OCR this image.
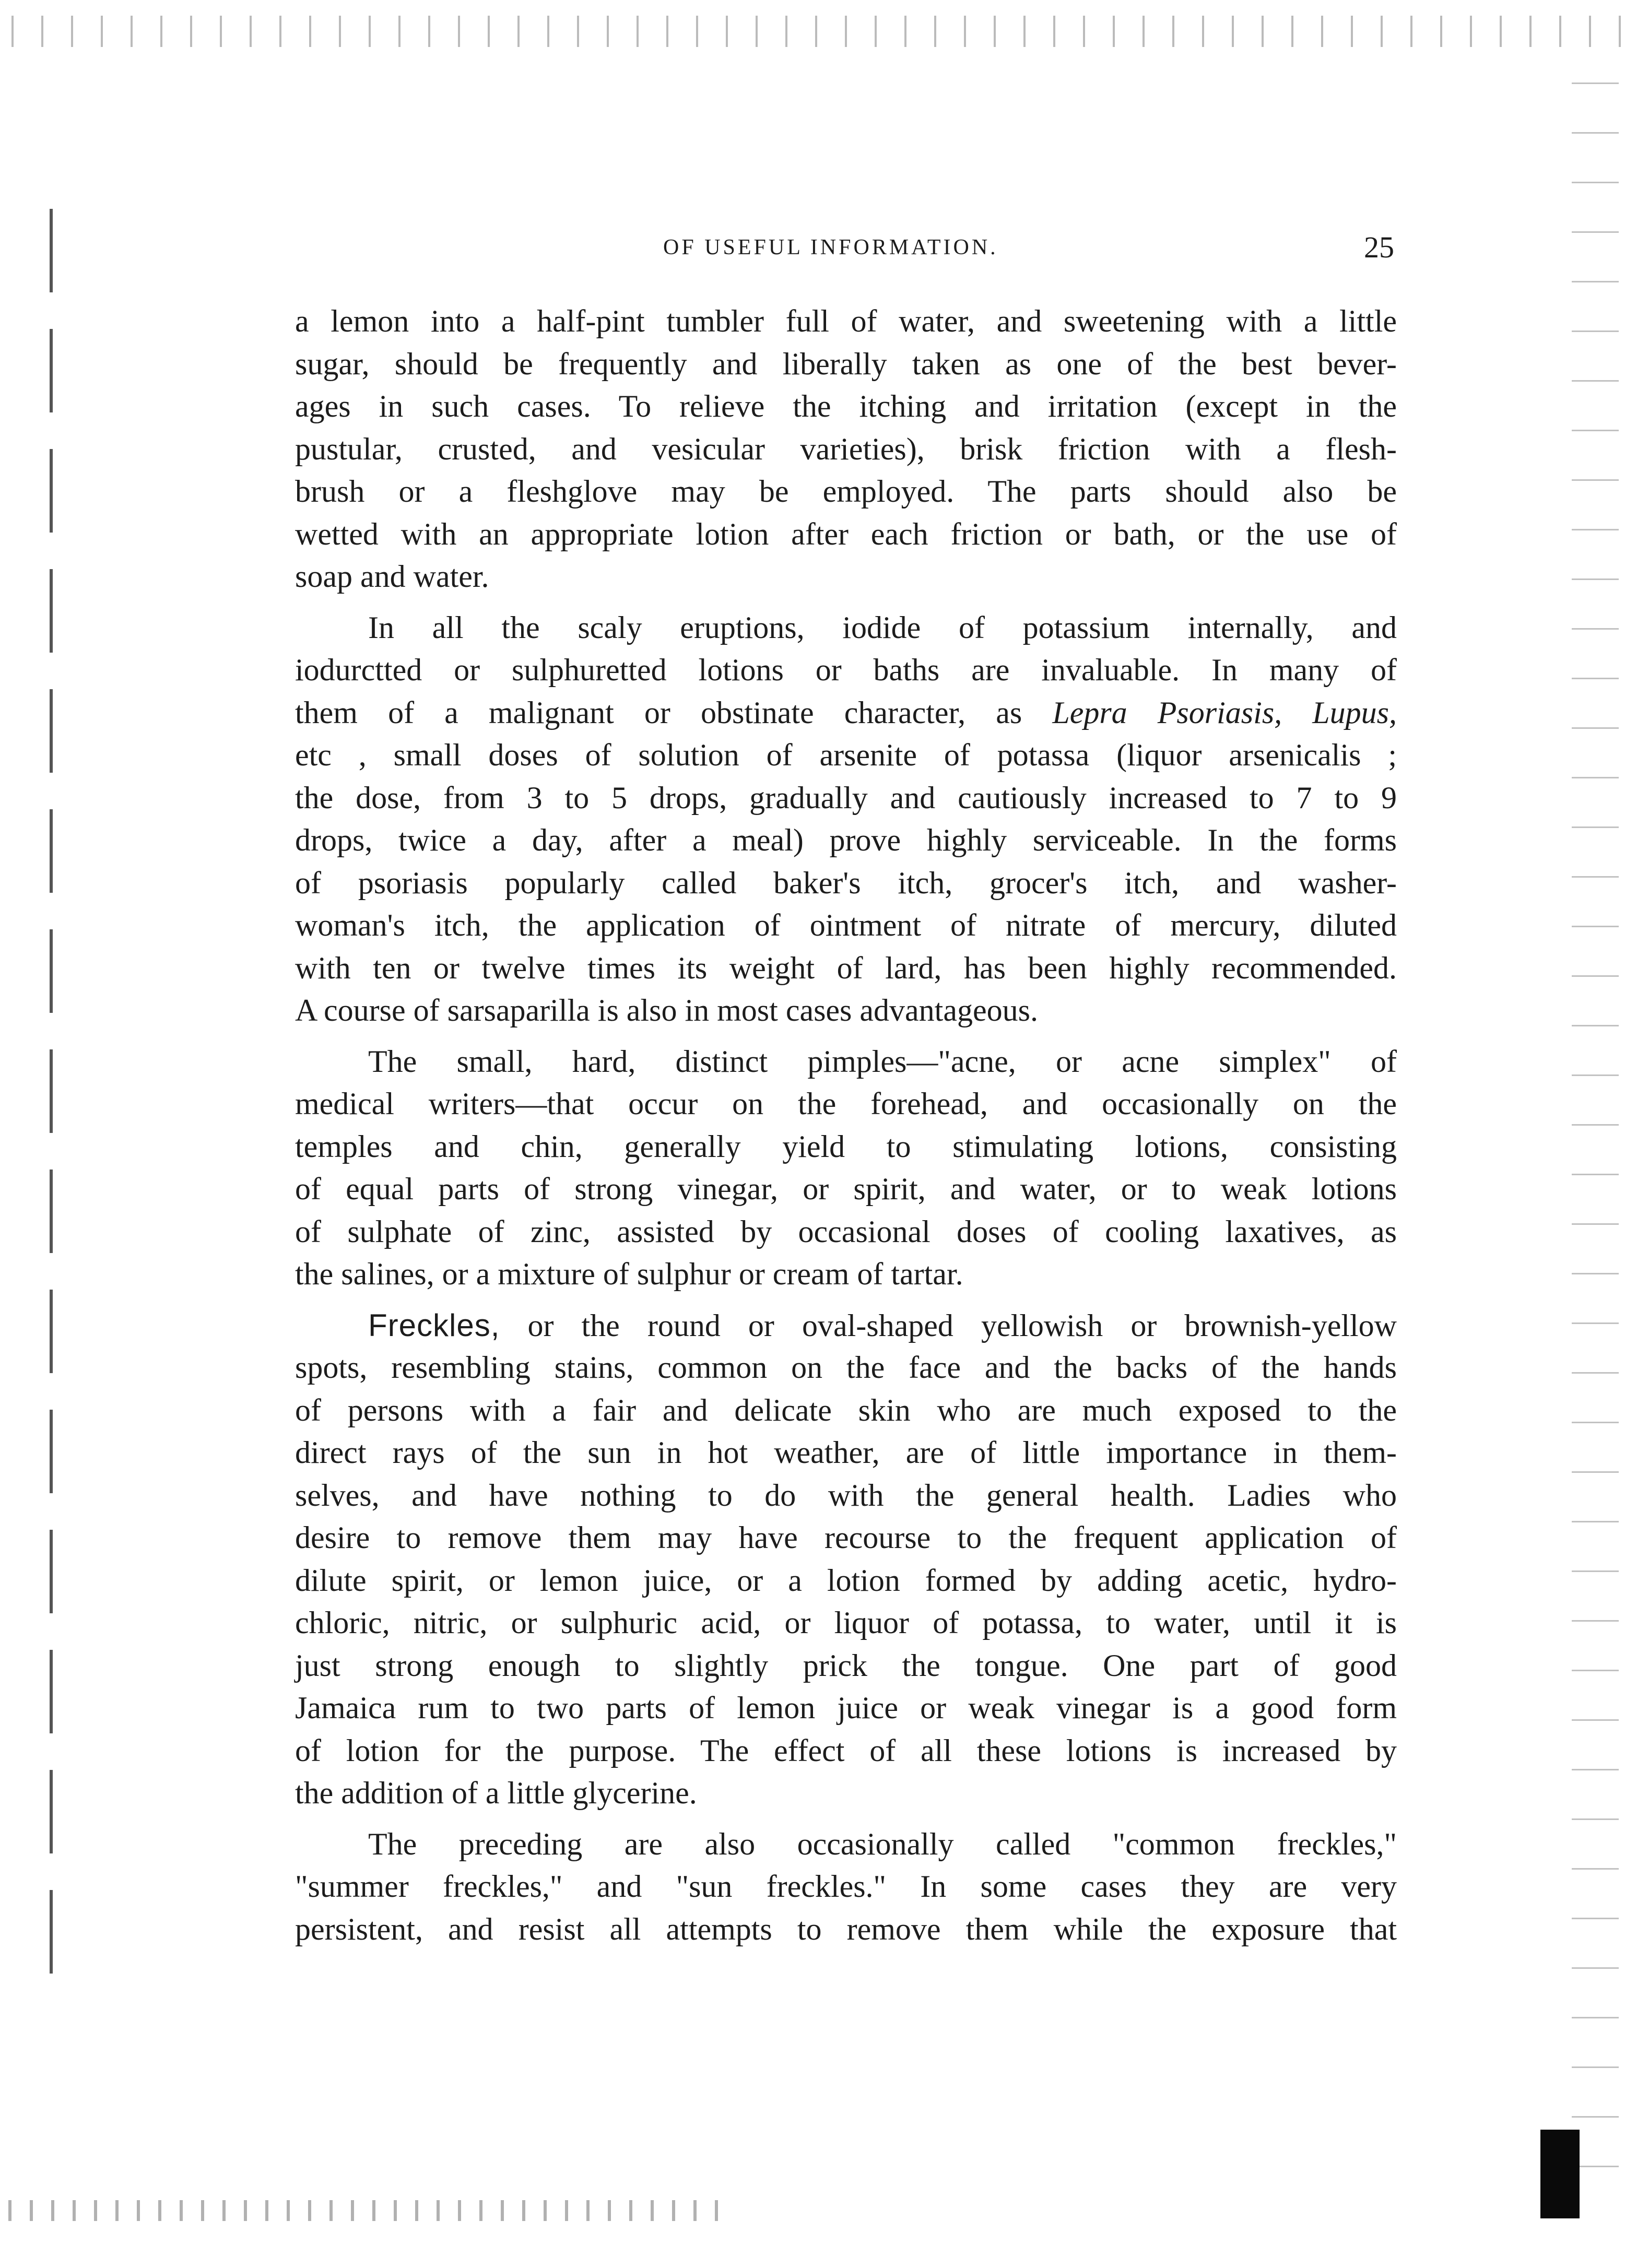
OF USEFUL INFORMATION.	25
a lemon into a half-pint tumbler full of water, and sweetening with a little
sugar, should be frequently and liberally taken as one of the best bever-
ages in such cases. To relieve the itching and irritation (except in the
pustular, crusted, and vesicular varieties), brisk friction with a flesh-
brush or a fleshglove may be employed. The parts should also be
wetted with an appropriate lotion after each friction or bath, or the use of
soap and water.
In all the scaly eruptions, iodide of potassium internally, and
iodurctted or sulphuretted lotions or baths are invaluable. In many of
them of a malignant or obstinate character, as Lepra Psoriasis, Lupus,
etc , small doses of solution of arsenite of potassa (liquor arsenicalis ;
the dose, from 3 to 5 drops, gradually and cautiously increased to 7 to 9
drops, twice a day, after a meal) prove highly serviceable. In the forms
of psoriasis popularly called baker's itch, grocer's itch, and washer-
woman's itch, the application of ointment of nitrate of mercury, diluted
with ten or twelve times its weight of lard, has been highly recommended.
A course of sarsaparilla is also in most cases advantageous.
The small, hard, distinct pimples—"acne, or acne simplex" of
medical writers—that occur on the forehead, and occasionally on the
temples and chin, generally yield to stimulating lotions, consisting
of equal parts of strong vinegar, or spirit, and water, or to weak lotions
of sulphate of zinc, assisted by occasional doses of cooling laxatives, as
the salines, or a mixture of sulphur or cream of tartar.
Freckles, or the round or oval-shaped yellowish or brownish-yellow
spots, resembling stains, common on the face and the backs of the hands
of persons with a fair and delicate skin who are much exposed to the
direct rays of the sun in hot weather, are of little importance in them-
selves, and have nothing to do with the general health. Ladies who
desire to remove them may have recourse to the frequent application of
dilute spirit, or lemon juice, or a lotion formed by adding acetic, hydro-
chloric, nitric, or sulphuric acid, or liquor of potassa, to water, until it is
just strong enough to slightly prick the tongue. One part of good
Jamaica rum to two parts of lemon juice or weak vinegar is a good form
of lotion for the purpose. The effect of all these lotions is increased by
the addition of a little glycerine.
The preceding are also occasionally called "common freckles,"
"summer freckles," and "sun freckles." In some cases they are very
persistent, and resist all attempts to remove them while the exposure that
